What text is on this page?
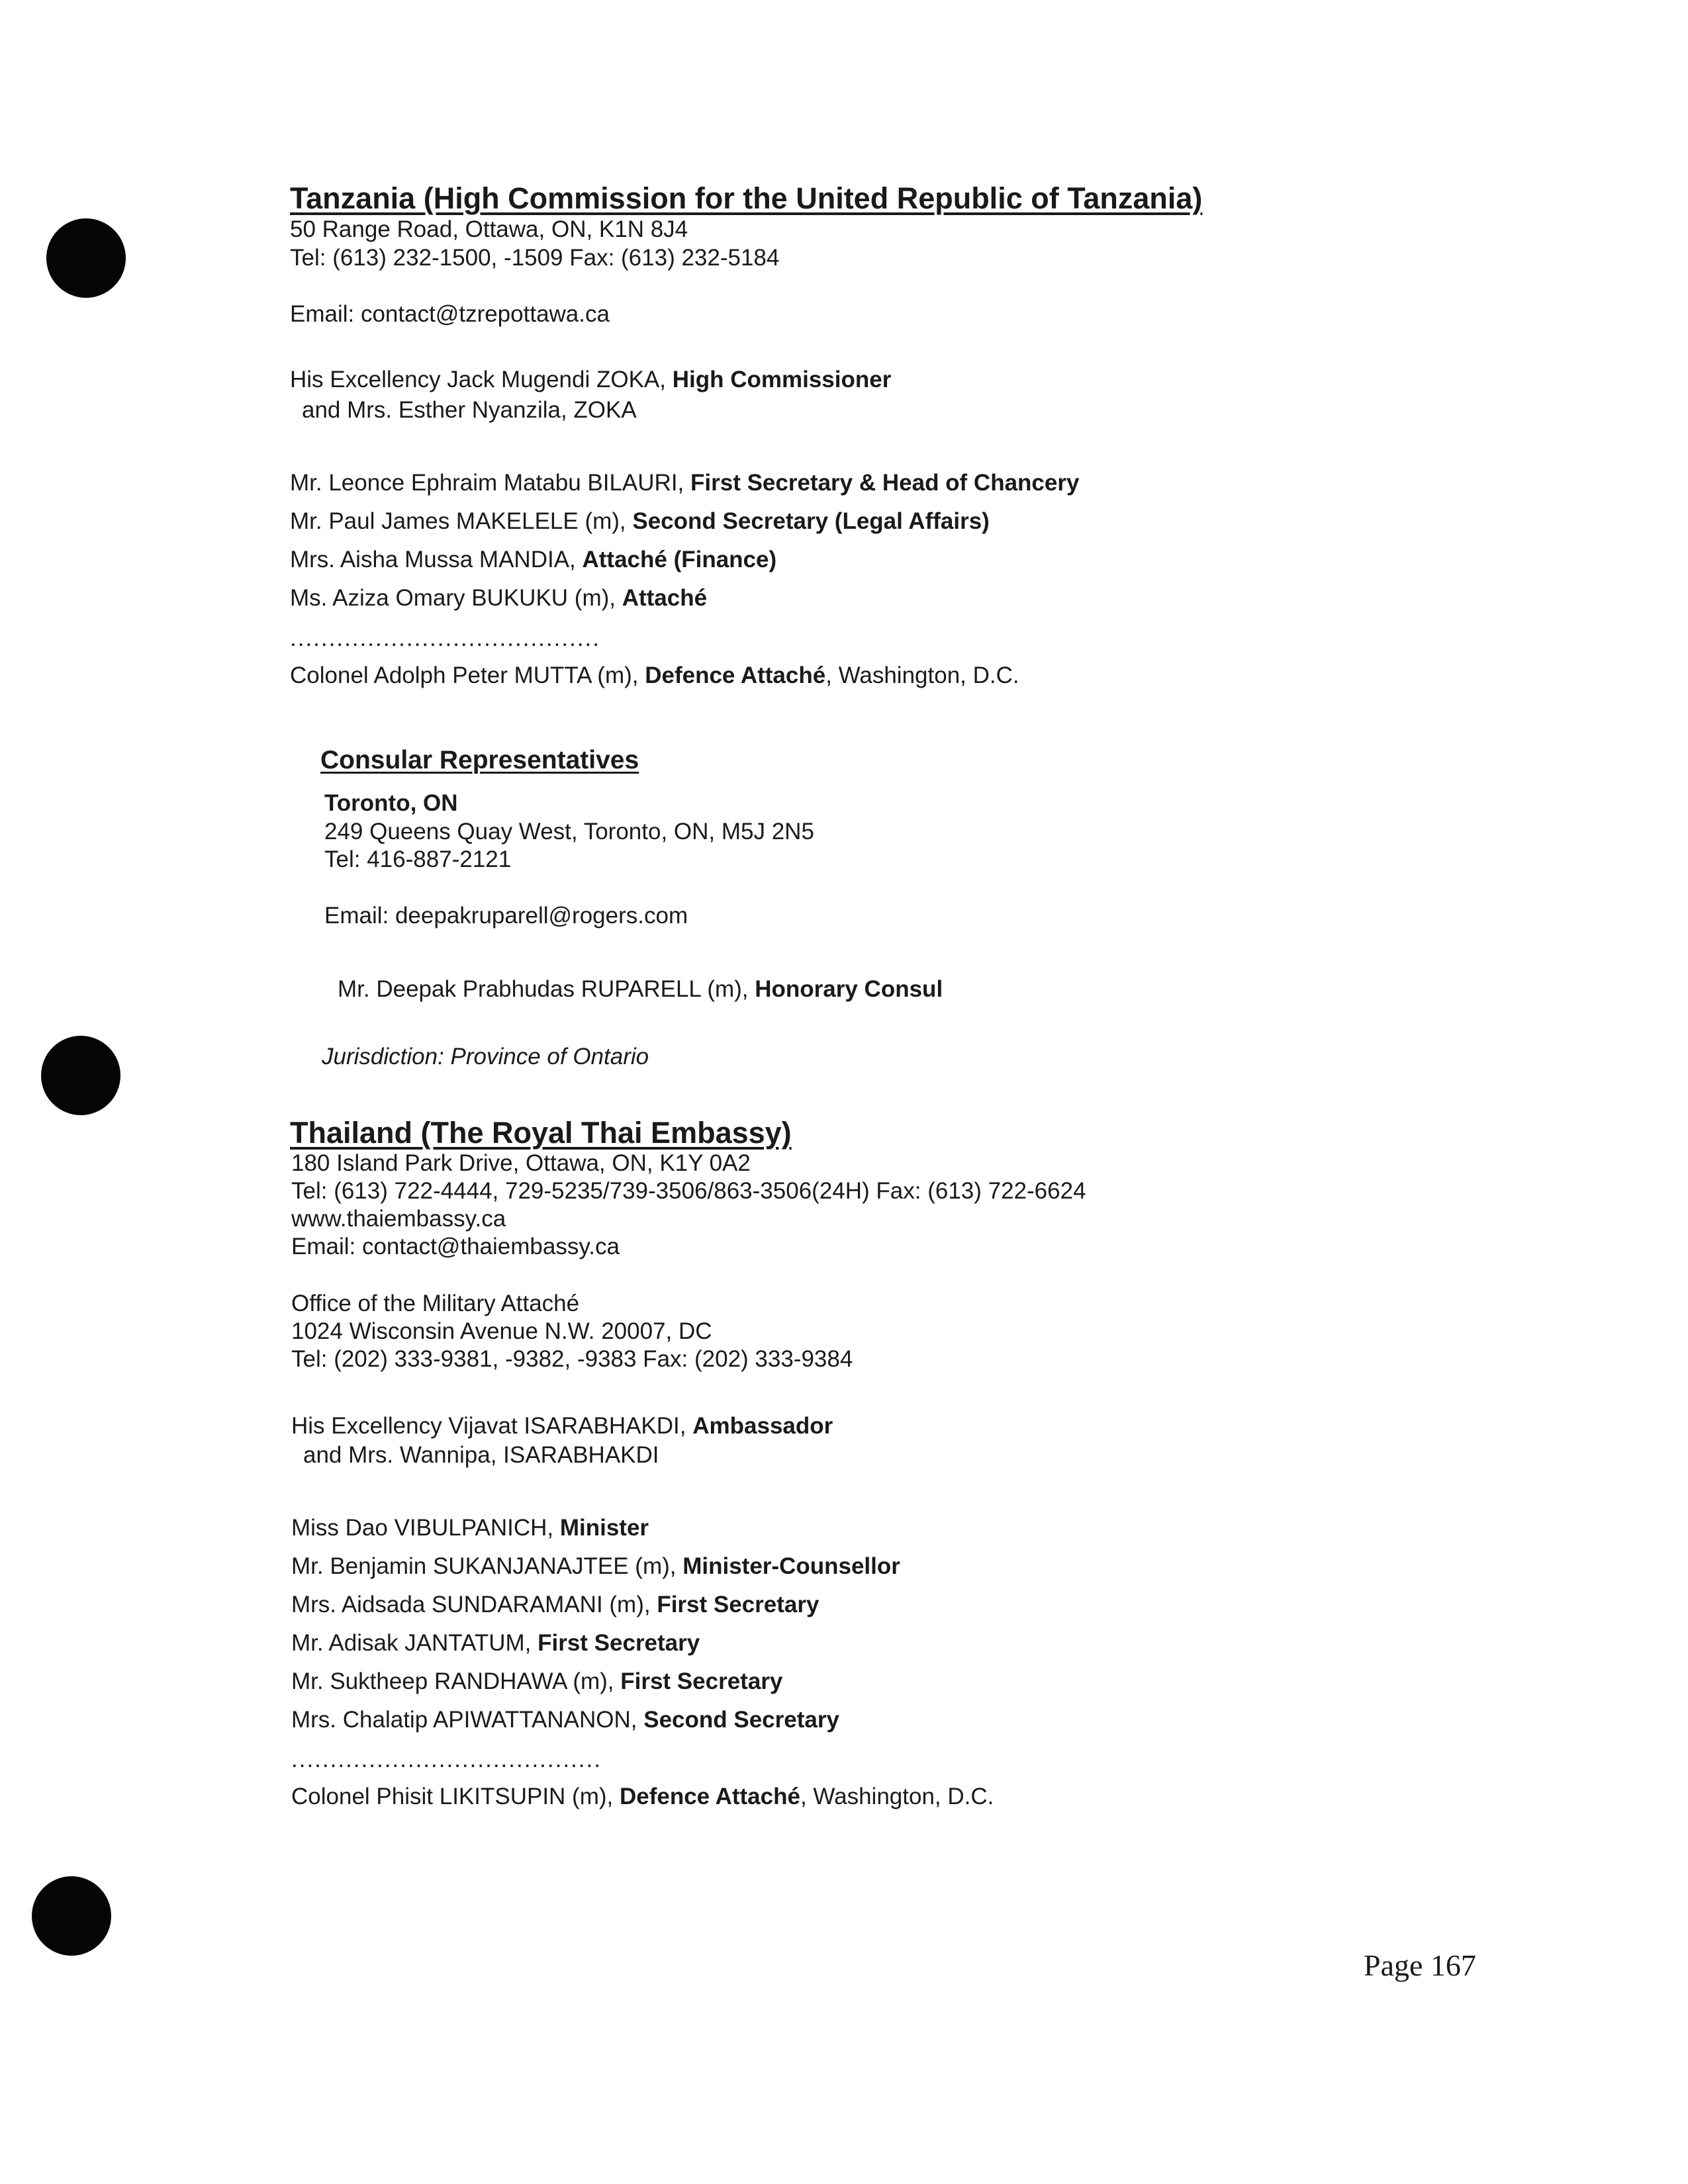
Tanzania (High Commission for the United Republic of Tanzania)
50 Range Road, Ottawa, ON, K1N 8J4
Tel: (613) 232-1500, -1509 Fax: (613) 232-5184
Email: contact@tzrepottawa.ca
His Excellency Jack Mugendi ZOKA, High Commissioner
and Mrs. Esther Nyanzila, ZOKA
Mr. Leonce Ephraim Matabu BILAURI, First Secretary & Head of Chancery
Mr. Paul James MAKELELE (m), Second Secretary (Legal Affairs)
Mrs. Aisha Mussa MANDIA, Attaché (Finance)
Ms. Aziza Omary BUKUKU (m), Attaché
........................................
Colonel Adolph Peter MUTTA (m), Defence Attaché, Washington, D.C.
Consular Representatives
Toronto, ON
249 Queens Quay West, Toronto, ON, M5J 2N5
Tel: 416-887-2121
Email: deepakruparell@rogers.com
Mr. Deepak Prabhudas RUPARELL (m), Honorary Consul
Jurisdiction: Province of Ontario
Thailand (The Royal Thai Embassy)
180 Island Park Drive, Ottawa, ON, K1Y 0A2
Tel: (613) 722-4444, 729-5235/739-3506/863-3506(24H) Fax: (613) 722-6624
www.thaiembassy.ca
Email: contact@thaiembassy.ca
Office of the Military Attaché
1024 Wisconsin Avenue N.W. 20007, DC
Tel: (202) 333-9381, -9382, -9383 Fax: (202) 333-9384
His Excellency Vijavat ISARABHAKDI, Ambassador
and Mrs. Wannipa, ISARABHAKDI
Miss Dao VIBULPANICH, Minister
Mr. Benjamin SUKANJANAJTEE (m), Minister-Counsellor
Mrs. Aidsada SUNDARAMANI (m), First Secretary
Mr. Adisak JANTATUM, First Secretary
Mr. Suktheep RANDHAWA (m), First Secretary
Mrs. Chalatip APIWATTANANON, Second Secretary
........................................
Colonel Phisit LIKITSUPIN (m), Defence Attaché, Washington, D.C.
Page 167
